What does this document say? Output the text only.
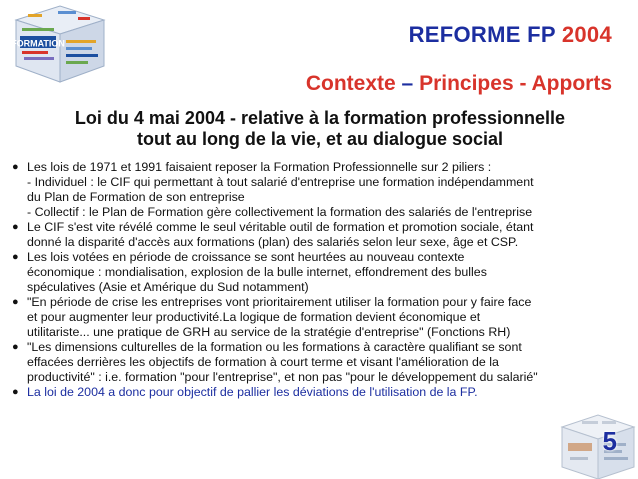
FORMATION	REFORME FP 2004
Contexte – Principes - Apports
Loi du 4 mai 2004 - relative à la formation professionnelle
tout au long de la vie, et au dialogue social
● Les lois de 1971 et 1991 faisaient reposer la Formation Professionnelle sur 2 piliers :
- Individuel : le CIF qui permettant à tout salarié d'entreprise une formation indépendamment
du Plan de Formation de son entreprise
- Collectif : le Plan de Formation gère collectivement la formation des salariés de l'entreprise
● Le CIF s'est vite révélé comme le seul véritable outil de formation et promotion sociale, étant
donné la disparité d'accès aux formations (plan) des salariés selon leur sexe, âge et CSP.
● Les lois votées en période de croissance se sont heurtées au nouveau contexte
économique : mondialisation, explosion de la bulle internet, effondrement des bulles
spéculatives (Asie et Amérique du Sud notamment)
● "En période de crise les entreprises vont prioritairement utiliser la formation pour y faire face
et pour augmenter leur productivité.La logique de formation devient économique et
utilitariste... une pratique de GRH au service de la stratégie d'entreprise" (Fonctions RH)
● "Les dimensions culturelles de la formation ou les formations à caractère qualifiant se sont
effacées derrières les objectifs de formation à court terme et visant l'amélioration de la
productivité" : i.e. formation "pour l'entreprise", et non pas "pour le développement du salarié"
● La loi de 2004 a donc pour objectif de pallier les déviations de l'utilisation de la FP.
5
